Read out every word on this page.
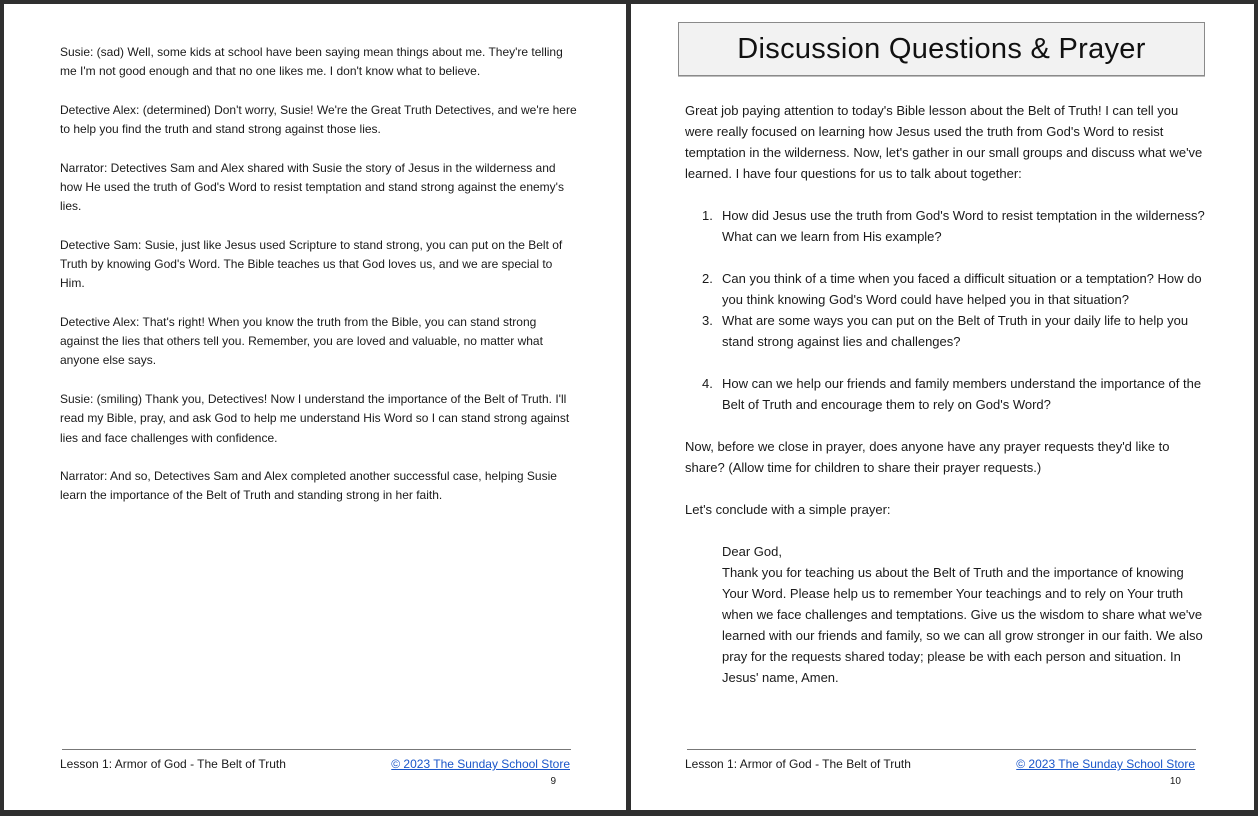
Susie: (sad) Well, some kids at school have been saying mean things about me. They're telling me I'm not good enough and that no one likes me. I don't know what to believe.

Detective Alex: (determined) Don't worry, Susie! We're the Great Truth Detectives, and we're here to help you find the truth and stand strong against those lies.

Narrator: Detectives Sam and Alex shared with Susie the story of Jesus in the wilderness and how He used the truth of God's Word to resist temptation and stand strong against the enemy's lies.

Detective Sam: Susie, just like Jesus used Scripture to stand strong, you can put on the Belt of Truth by knowing God's Word. The Bible teaches us that God loves us, and we are special to Him.

Detective Alex: That's right! When you know the truth from the Bible, you can stand strong against the lies that others tell you. Remember, you are loved and valuable, no matter what anyone else says.

Susie: (smiling) Thank you, Detectives! Now I understand the importance of the Belt of Truth. I'll read my Bible, pray, and ask God to help me understand His Word so I can stand strong against lies and face challenges with confidence.

Narrator: And so, Detectives Sam and Alex completed another successful case, helping Susie learn the importance of the Belt of Truth and standing strong in her faith.

Lesson 1: Armor of God - The Belt of Truth	© 2023 The Sunday School Store
9
Discussion Questions & Prayer

Great job paying attention to today's Bible lesson about the Belt of Truth! I can tell you were really focused on learning how Jesus used the truth from God's Word to resist temptation in the wilderness. Now, let's gather in our small groups and discuss what we've learned. I have four questions for us to talk about together:

1. How did Jesus use the truth from God's Word to resist temptation in the wilderness? What can we learn from His example?
2. Can you think of a time when you faced a difficult situation or a temptation? How do you think knowing God's Word could have helped you in that situation?
3. What are some ways you can put on the Belt of Truth in your daily life to help you stand strong against lies and challenges?
4. How can we help our friends and family members understand the importance of the Belt of Truth and encourage them to rely on God's Word?

Now, before we close in prayer, does anyone have any prayer requests they'd like to share? (Allow time for children to share their prayer requests.)

Let's conclude with a simple prayer:

Dear God,

Thank you for teaching us about the Belt of Truth and the importance of knowing Your Word. Please help us to remember Your teachings and to rely on Your truth when we face challenges and temptations. Give us the wisdom to share what we've learned with our friends and family, so we can all grow stronger in our faith. We also pray for the requests shared today; please be with each person and situation. In Jesus' name, Amen.

Lesson 1: Armor of God - The Belt of Truth	© 2023 The Sunday School Store
10
